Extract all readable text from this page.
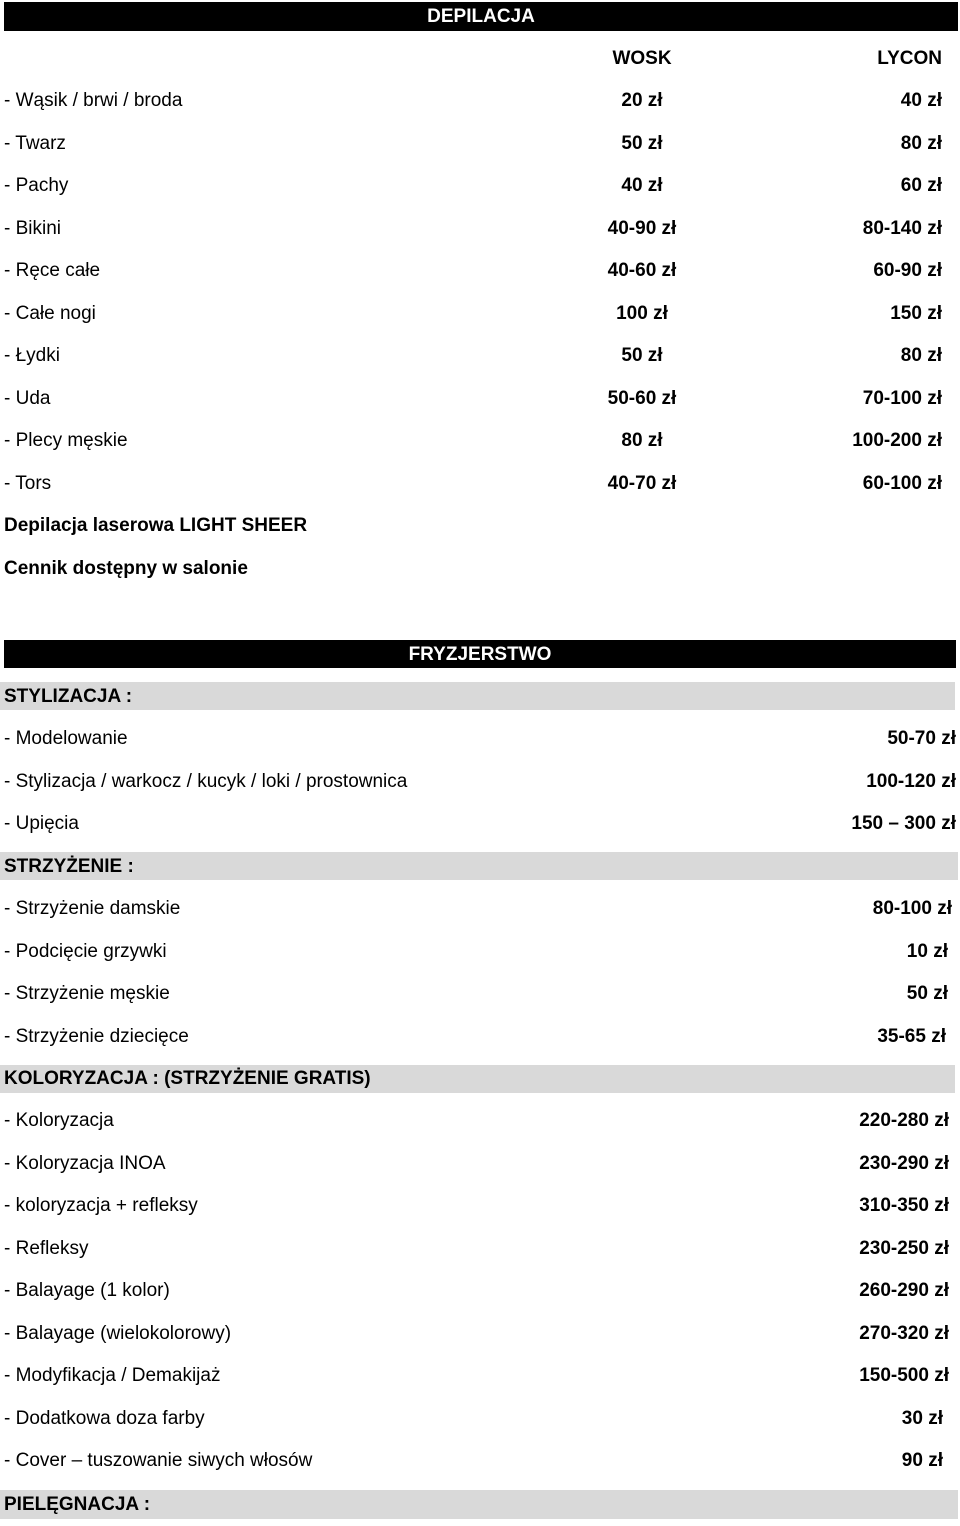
DEPILACJA
WOSK	LYCON
- Wąsik / brwi / broda	20 zł	40 zł
- Twarz	50 zł	80 zł
- Pachy	40 zł	60 zł
- Bikini	40-90 zł	80-140 zł
- Ręce całe	40-60 zł	60-90 zł
- Całe nogi	100 zł	150 zł
- Łydki	50 zł	80 zł
- Uda	50-60 zł	70-100 zł
- Plecy męskie	80 zł	100-200 zł
- Tors	40-70 zł	60-100 zł
Depilacja laserowa LIGHT SHEER
Cennik dostępny w salonie
FRYZJERSTWO
STYLIZACJA :
- Modelowanie	50-70 zł
- Stylizacja / warkocz / kucyk / loki / prostownica	100-120 zł
- Upięcia	150 – 300 zł
STRZYŻENIE :
- Strzyżenie damskie	80-100 zł
- Podcięcie grzywki	10 zł
- Strzyżenie męskie	50 zł
- Strzyżenie dziecięce	35-65 zł
KOLORYZACJA : (STRZYŻENIE GRATIS)
- Koloryzacja	220-280 zł
- Koloryzacja INOA	230-290 zł
- koloryzacja + refleksy	310-350 zł
- Refleksy	230-250 zł
- Balayage (1 kolor)	260-290 zł
- Balayage (wielokolorowy)	270-320 zł
- Modyfikacja / Demakijaż	150-500 zł
- Dodatkowa doza farby	30 zł
- Cover – tuszowanie siwych włosów	90 zł
PIELĘGNACJA :
